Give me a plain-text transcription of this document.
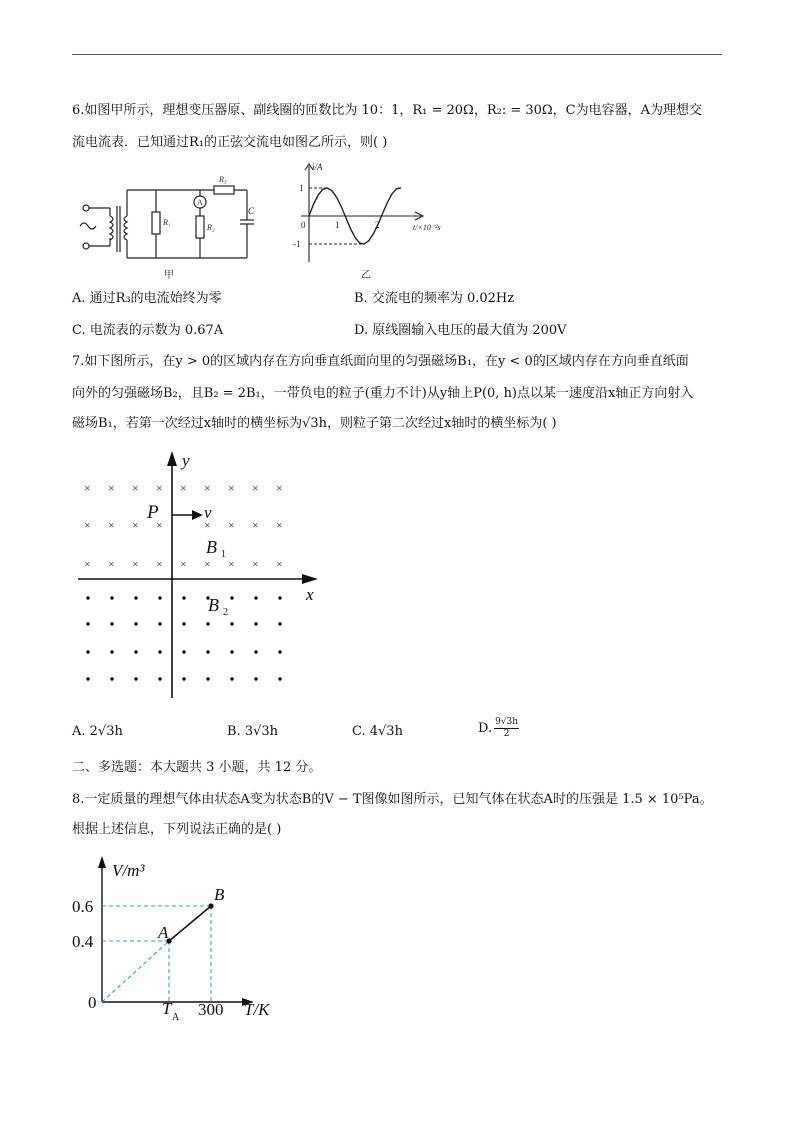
6.如图甲所示，理想变压器原、副线圈的匝数比为 10：1，R₁ = 20Ω，R₂: = 30Ω，C为电容器，A为理想交
流电流表．已知通过R₁的正弦交流电如图乙所示，则( )
R₁
R₂
R₃
A
C
甲
i/A
1
-1
0	1	2	t/×10⁻²s
乙
A. 通过R₃的电流始终为零	B. 交流电的频率为 0.02Hz
C. 电流表的示数为 0.67A	D. 原线圈输入电压的最大值为 200V
7.如下图所示，在y > 0的区域内存在方向垂直纸面向里的匀强磁场B₁，在y < 0的区域内存在方向垂直纸面
向外的匀强磁场B₂，且B₂ = 2B₁，一带负电的粒子(重力不计)从y轴上P(0, h)点以某一速度沿x轴正方向射入
磁场B₁，若第一次经过x轴时的横坐标为√3h，则粒子第二次经过x轴时的横坐标为( )
× × × × × × × × ×
× × × ×	× × × ×
× × × × × × × × ×
y
x
P	v
B 1
B 2
A. 2√3h	B. 3√3h	C. 4√3h	D. $\frac{9√3h}{2}$
二、多选题：本大题共 3 小题，共 12 分。
8.一定质量的理想气体由状态A变为状态B的V − T图像如图所示，已知气体在状态A时的压强是 1.5 × 10⁵Pa。
根据上述信息，下列说法正确的是( )
V/m³
0.6
0.4
0	T A 300 T/K
A
B
